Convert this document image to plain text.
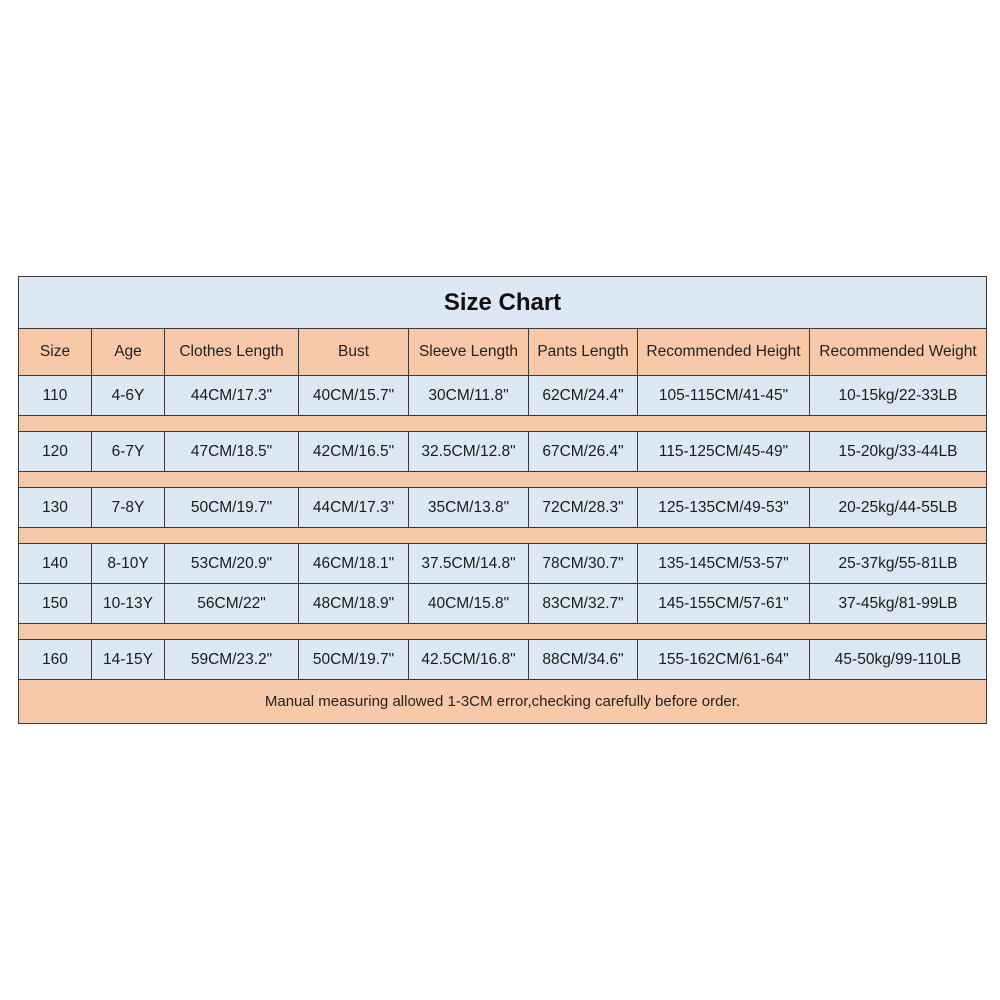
Size Chart							
Size	Age	Clothes Length	Bust	Sleeve Length	Pants Length	Recommended Height	Recommended Weight
110	4-6Y	44CM/17.3"	40CM/15.7"	30CM/11.8"	62CM/24.4"	105-115CM/41-45"	10-15kg/22-33LB

120	6-7Y	47CM/18.5"	42CM/16.5"	32.5CM/12.8"	67CM/26.4"	115-125CM/45-49"	15-20kg/33-44LB

130	7-8Y	50CM/19.7"	44CM/17.3"	35CM/13.8"	72CM/28.3"	125-135CM/49-53"	20-25kg/44-55LB

140	8-10Y	53CM/20.9"	46CM/18.1"	37.5CM/14.8"	78CM/30.7"	135-145CM/53-57"	25-37kg/55-81LB
150	10-13Y	56CM/22"	48CM/18.9"	40CM/15.8"	83CM/32.7"	145-155CM/57-61"	37-45kg/81-99LB

160	14-15Y	59CM/23.2"	50CM/19.7"	42.5CM/16.8"	88CM/34.6"	155-162CM/61-64"	45-50kg/99-110LB
Manual measuring allowed 1-3CM error,checking carefully before order.							
